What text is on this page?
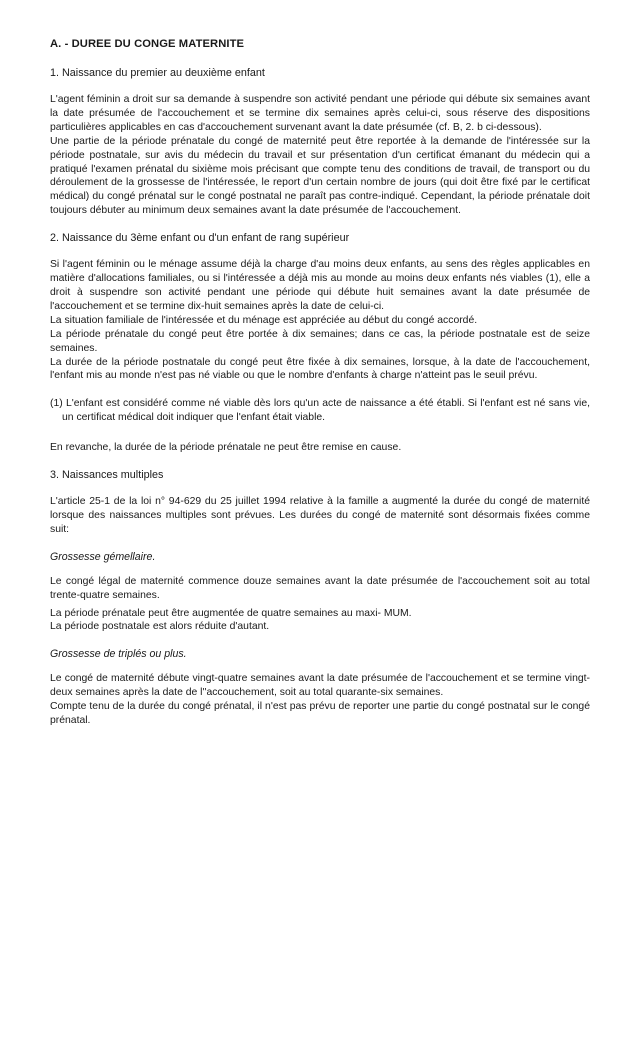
A. - DUREE DU CONGE MATERNITE
1. Naissance du premier au deuxième enfant

L'agent féminin a droit sur sa demande à suspendre son activité pendant une période qui débute six semaines avant la date présumée de l'accouchement et se termine dix semaines après celui-ci, sous réserve des dispositions particulières applicables en cas d'accouchement survenant avant la date présumée (cf. B, 2. b ci-dessous).

Une partie de la période prénatale du congé de maternité peut être reportée à la demande de l'intéressée sur la période postnatale, sur avis du médecin du travail et sur présentation d'un certificat émanant du médecin qui a pratiqué l'examen prénatal du sixième mois précisant que compte tenu des conditions de travail, de transport ou du déroulement de la grossesse de l'intéressée, le report d'un certain nombre de jours (qui doit être fixé par le certificat médical) du congé prénatal sur le congé postnatal ne paraît pas contre-indiqué. Cependant, la période prénatale doit toujours débuter au minimum deux semaines avant la date présumée de l'accouchement.

2. Naissance du 3ème enfant ou d'un enfant de rang supérieur

Si l'agent féminin ou le ménage assume déjà la charge d'au moins deux enfants, au sens des règles applicables en matière d'allocations familiales, ou si l'intéressée a déjà mis au monde au moins deux enfants nés viables (1), elle a droit à suspendre son activité pendant une période qui débute huit semaines avant la date présumée de l'accouchement et se termine dix-huit semaines après la date de celui-ci.

La situation familiale de l'intéressée et du ménage est appréciée au début du congé accordé.

La période prénatale du congé peut être portée à dix semaines; dans ce cas, la période postnatale est de seize semaines.

La durée de la période postnatale du congé peut être fixée à dix semaines, lorsque, à la date de l'accouchement, l'enfant mis au monde n'est pas né viable ou que le nombre d'enfants à charge n'atteint pas le seuil prévu.

(1) L'enfant est considéré comme né viable dès lors qu'un acte de naissance a été établi. Si l'enfant est né sans vie, un certificat médical doit indiquer que l'enfant était viable.

En revanche, la durée de la période prénatale ne peut être remise en cause.

3. Naissances multiples

L'article 25-1 de la loi n° 94-629 du 25 juillet 1994 relative à la famille a augmenté la durée du congé de maternité lorsque des naissances multiples sont prévues. Les durées du congé de maternité sont désormais fixées comme suit:

Grossesse gémellaire.

Le congé légal de maternité commence douze semaines avant la date présumée de l'accouchement soit au total trente-quatre semaines.

La période prénatale peut être augmentée de quatre semaines au maxi- MUM.

La période postnatale est alors réduite d'autant.

Grossesse de triplés ou plus.

Le congé de maternité débute vingt-quatre semaines avant la date présumée de l'accouchement et se termine vingt-deux semaines après la date de l''accouchement, soit au total quarante-six semaines.

Compte tenu de la durée du congé prénatal, il n'est pas prévu de reporter une partie du congé postnatal sur le congé prénatal.
